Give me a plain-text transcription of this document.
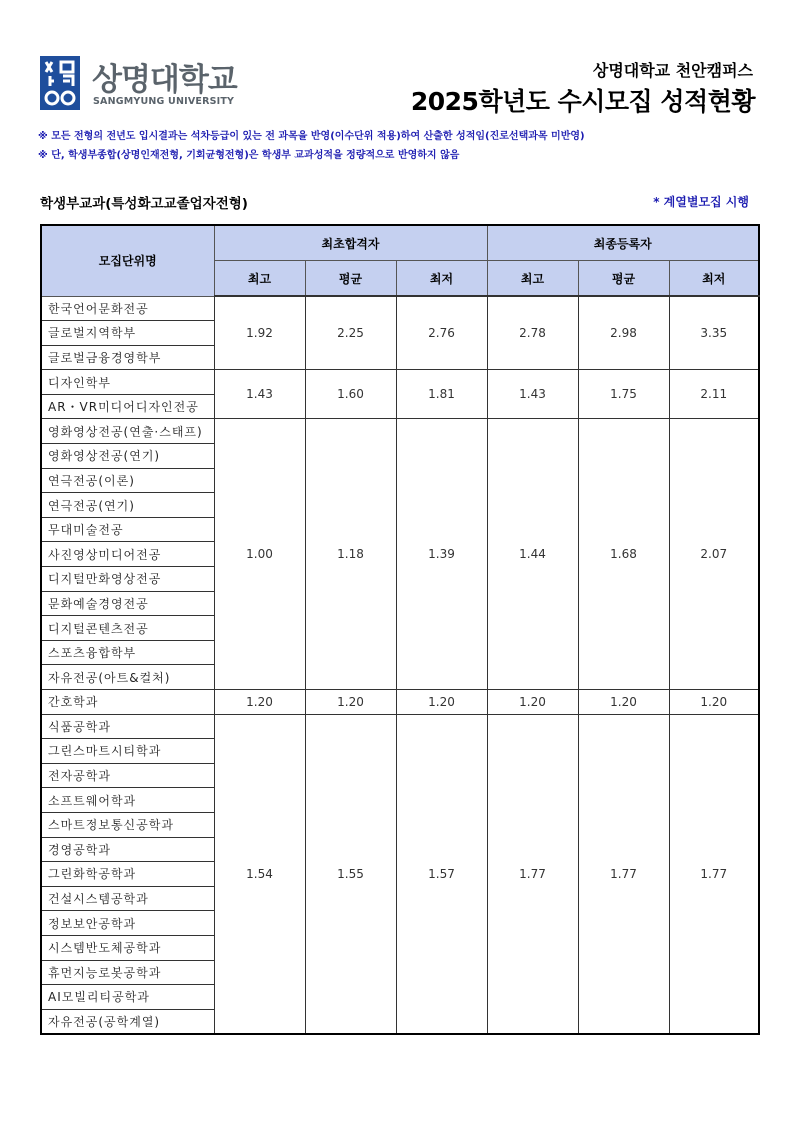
상명대학교
SANGMYUNG UNIVERSITY
상명대학교 천안캠퍼스
2025학년도 수시모집 성적현황
※ 모든 전형의 전년도 입시결과는 석차등급이 있는 전 과목을 반영(이수단위 적용)하여 산출한 성적임(진로선택과목 미반영)
※ 단, 학생부종합(상명인재전형, 기회균형전형)은 학생부 교과성적을 정량적으로 반영하지 않음
학생부교과(특성화고교졸업자전형)	* 계열별모집 시행
모집단위명	최초합격자			최종등록자		
	최고	평균	최저	최고	평균	최저
한국언어문화전공	1.92	2.25	2.76	2.78	2.98	3.35
글로벌지역학부						
글로벌금융경영학부						
디자인학부	1.43	1.60	1.81	1.43	1.75	2.11
AR・VR미디어디자인전공						
영화영상전공(연출·스태프)	1.00	1.18	1.39	1.44	1.68	2.07
영화영상전공(연기)						
연극전공(이론)						
연극전공(연기)						
무대미술전공						
사진영상미디어전공						
디지털만화영상전공						
문화예술경영전공						
디지털콘텐츠전공						
스포츠융합학부						
자유전공(아트&컬처)						
간호학과	1.20	1.20	1.20	1.20	1.20	1.20
식품공학과	1.54	1.55	1.57	1.77	1.77	1.77
그린스마트시티학과						
전자공학과						
소프트웨어학과						
스마트정보통신공학과						
경영공학과						
그린화학공학과						
건설시스템공학과						
정보보안공학과						
시스템반도체공학과						
휴먼지능로봇공학과						
AI모빌리티공학과						
자유전공(공학계열)						
